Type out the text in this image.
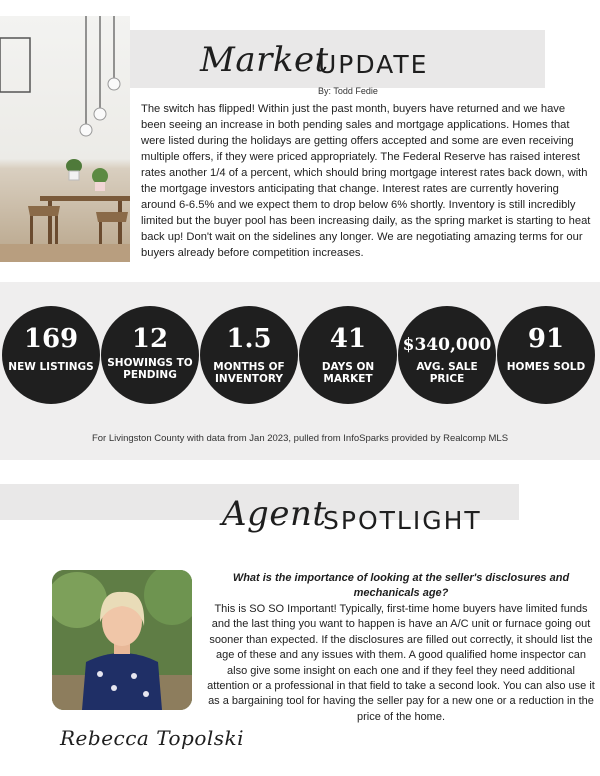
Market
UPDATE
By: Todd Fedie

The switch has flipped! Within just the past month, buyers have returned and we have been seeing an increase in both pending sales and mortgage applications. Homes that were listed during the holidays are getting offers accepted and some are even receiving multiple offers, if they were priced appropriately. The Federal Reserve has raised interest rates another 1/4 of a percent, which should bring mortgage interest rates back down, with the mortgage investors anticipating that change. Interest rates are currently hovering around 6-6.5% and we expect them to drop below 6% shortly. Inventory is still incredibly limited but the buyer pool has been increasing daily, as the spring market is starting to heat back up! Don't wait on the sidelines any longer. We are negotiating amazing terms for our buyers already before competition increases.

169
NEW LISTINGS
12
SHOWINGS TO PENDING
1.5
MONTHS OF INVENTORY
41
DAYS ON MARKET
$340,000
AVG. SALE PRICE
91
HOMES SOLD
For Livingston County with data from Jan 2023, pulled from InfoSparks provided by Realcomp MLS
Agent
SPOTLIGHT
Rebecca Topolski
What is the importance of looking at the seller's disclosures and mechanicals age?

This is SO SO Important! Typically, first-time home buyers have limited funds and the last thing you want to happen is have an A/C unit or furnace going out sooner than expected. If the disclosures are filled out correctly, it should list the age of these and any issues with them. A good qualified home inspector can also give some insight on each one and if they feel they need additional attention or a professional in that field to take a second look. You can also use it as a bargaining tool for having the seller pay for a new one or a reduction in the price of the home.
